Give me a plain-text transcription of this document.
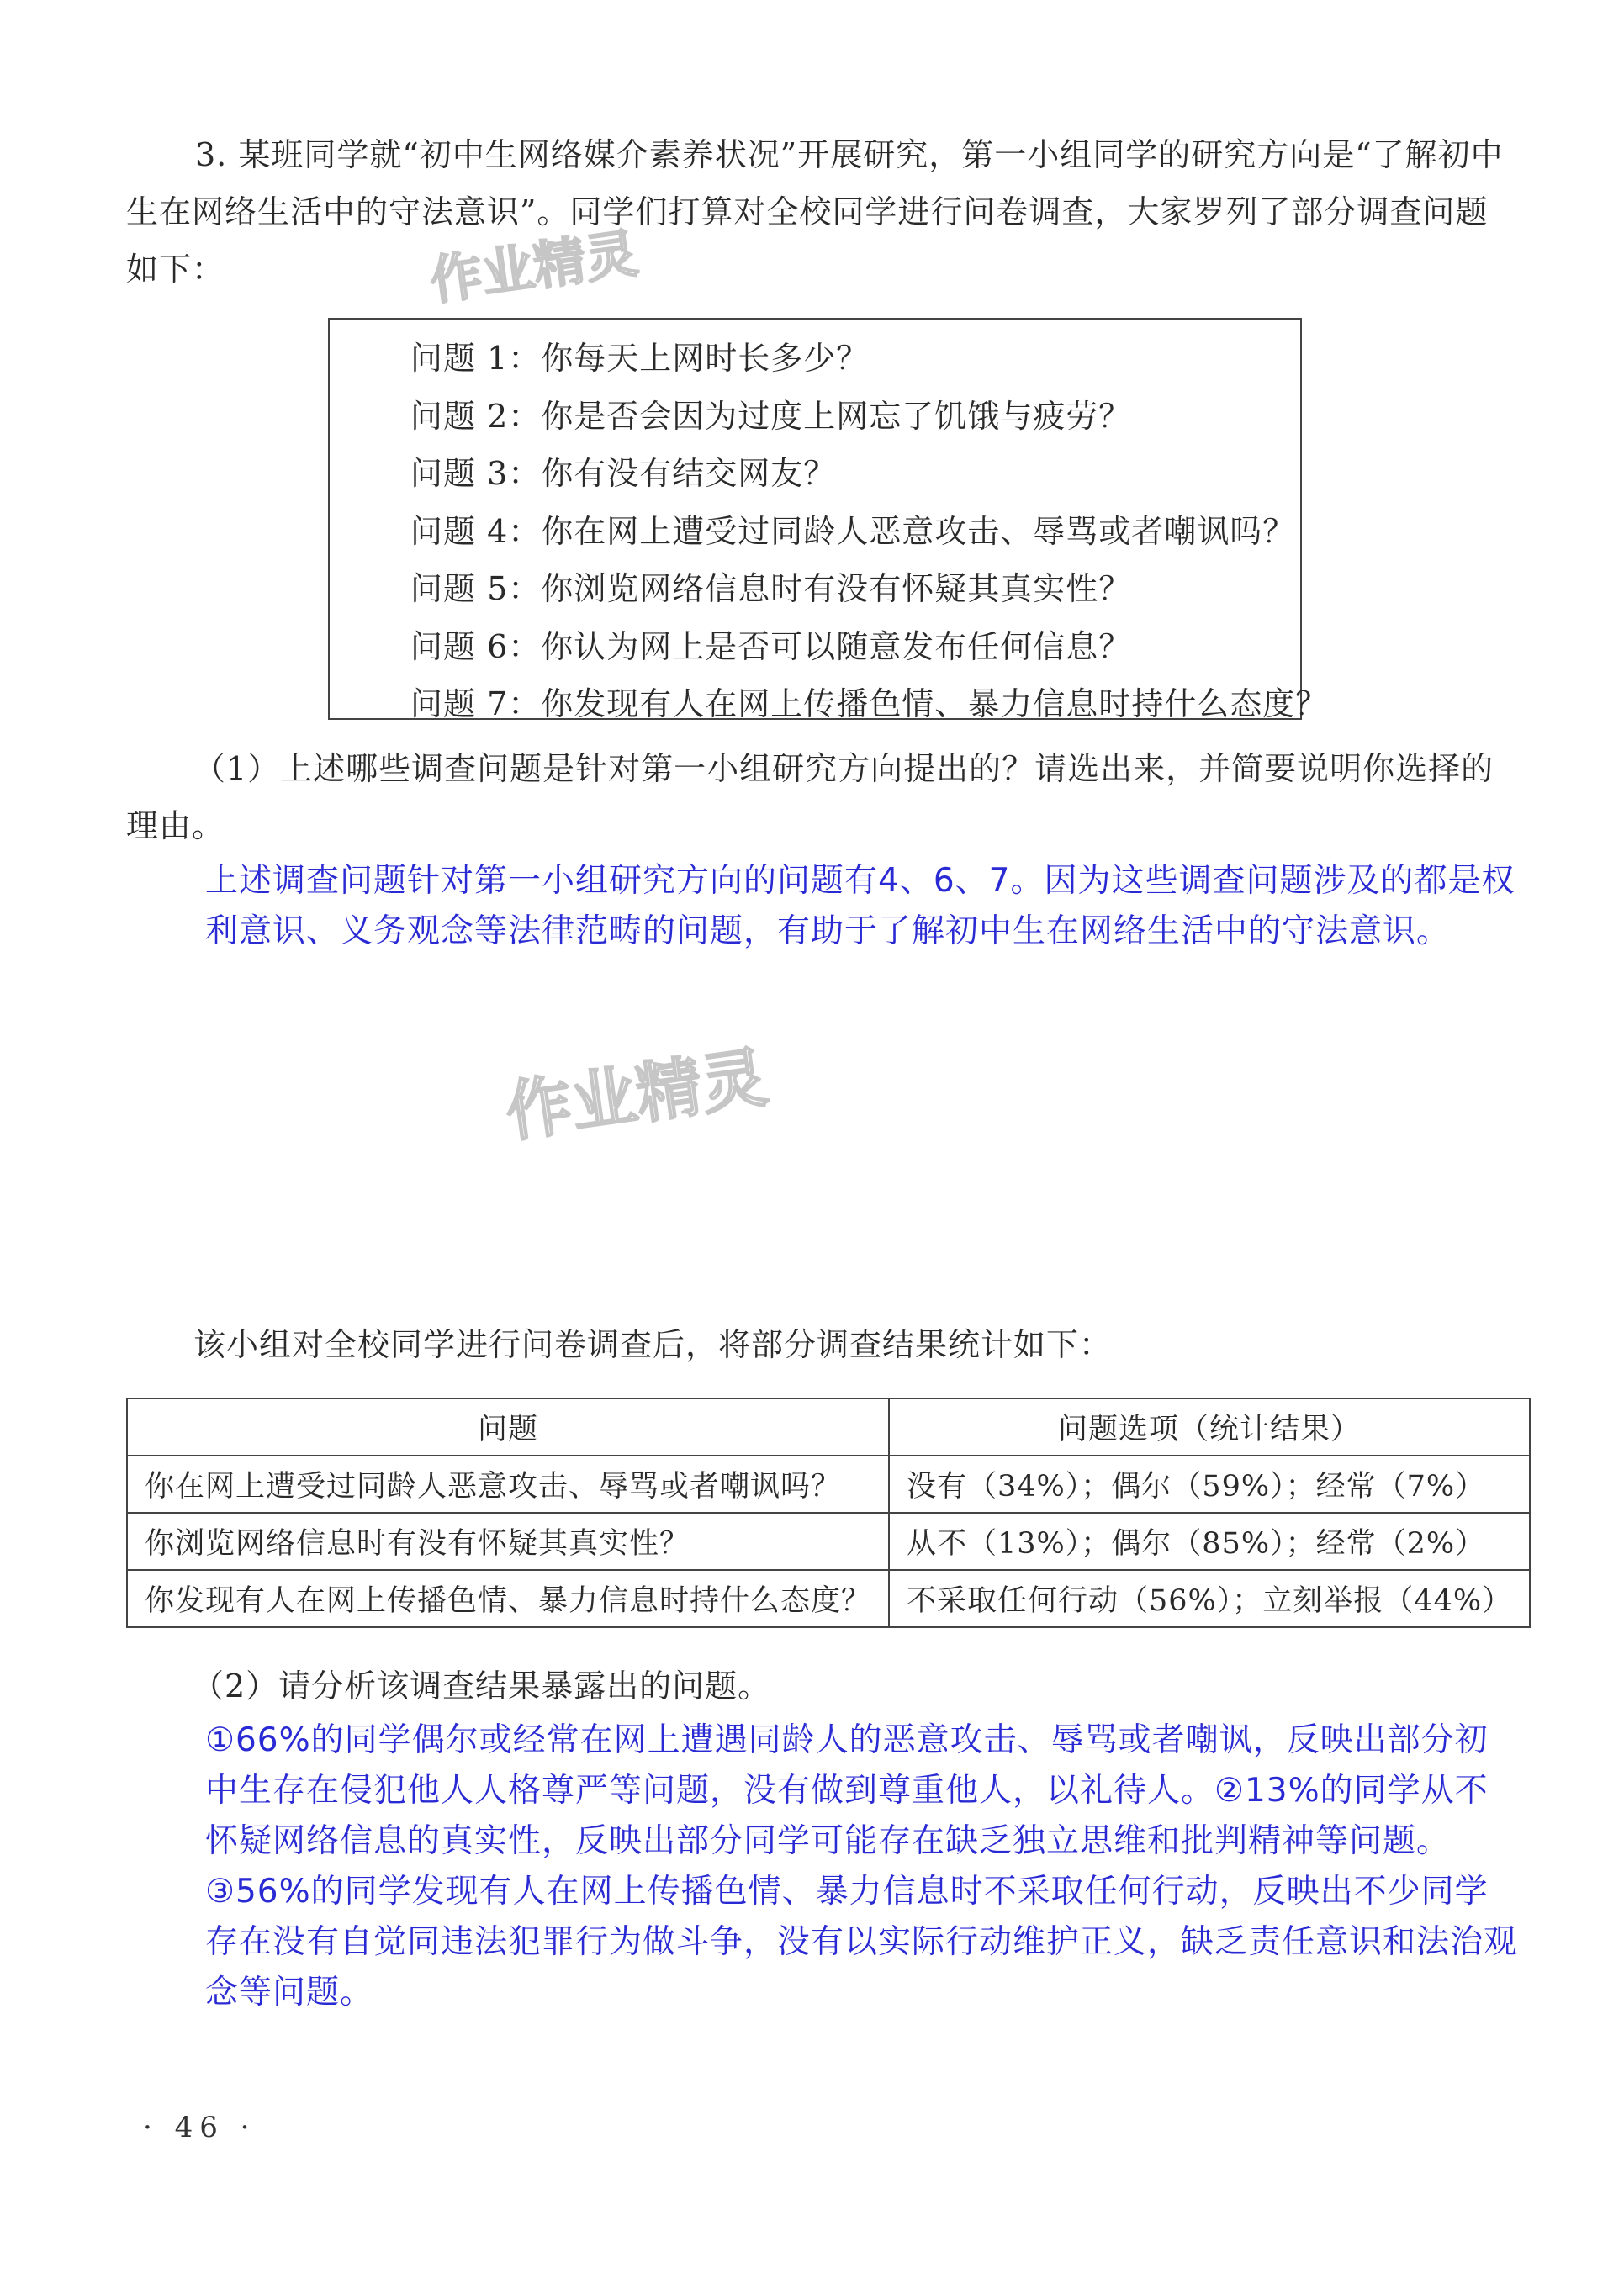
作业精灵
作业精灵
3. 某班同学就“初中生网络媒介素养状况”开展研究，第一小组同学的研究方向是“了解初中生在网络生活中的守法意识”。同学们打算对全校同学进行问卷调查，大家罗列了部分调查问题如下：
问题 1：你每天上网时长多少？
问题 2：你是否会因为过度上网忘了饥饿与疲劳？
问题 3：你有没有结交网友？
问题 4：你在网上遭受过同龄人恶意攻击、辱骂或者嘲讽吗？
问题 5：你浏览网络信息时有没有怀疑其真实性？
问题 6：你认为网上是否可以随意发布任何信息？
问题 7：你发现有人在网上传播色情、暴力信息时持什么态度？
（1）上述哪些调查问题是针对第一小组研究方向提出的？请选出来，并简要说明你选择的理由。
上述调查问题针对第一小组研究方向的问题有4、6、7。因为这些调查问题涉及的都是权利意识、义务观念等法律范畴的问题，有助于了解初中生在网络生活中的守法意识。
该小组对全校同学进行问卷调查后，将部分调查结果统计如下：
问题	问题选项（统计结果）
你在网上遭受过同龄人恶意攻击、辱骂或者嘲讽吗？	没有（34%）；偶尔（59%）；经常（7%）
你浏览网络信息时有没有怀疑其真实性？	从不（13%）；偶尔（85%）；经常（2%）
你发现有人在网上传播色情、暴力信息时持什么态度？	不采取任何行动（56%）；立刻举报（44%）
（2）请分析该调查结果暴露出的问题。
①66%的同学偶尔或经常在网上遭遇同龄人的恶意攻击、辱骂或者嘲讽，反映出部分初中生存在侵犯他人人格尊严等问题，没有做到尊重他人，以礼待人。②13%的同学从不怀疑网络信息的真实性，反映出部分同学可能存在缺乏独立思维和批判精神等问题。③56%的同学发现有人在网上传播色情、暴力信息时不采取任何行动，反映出不少同学存在没有自觉同违法犯罪行为做斗争，没有以实际行动维护正义，缺乏责任意识和法治观念等问题。
· 46 ·
